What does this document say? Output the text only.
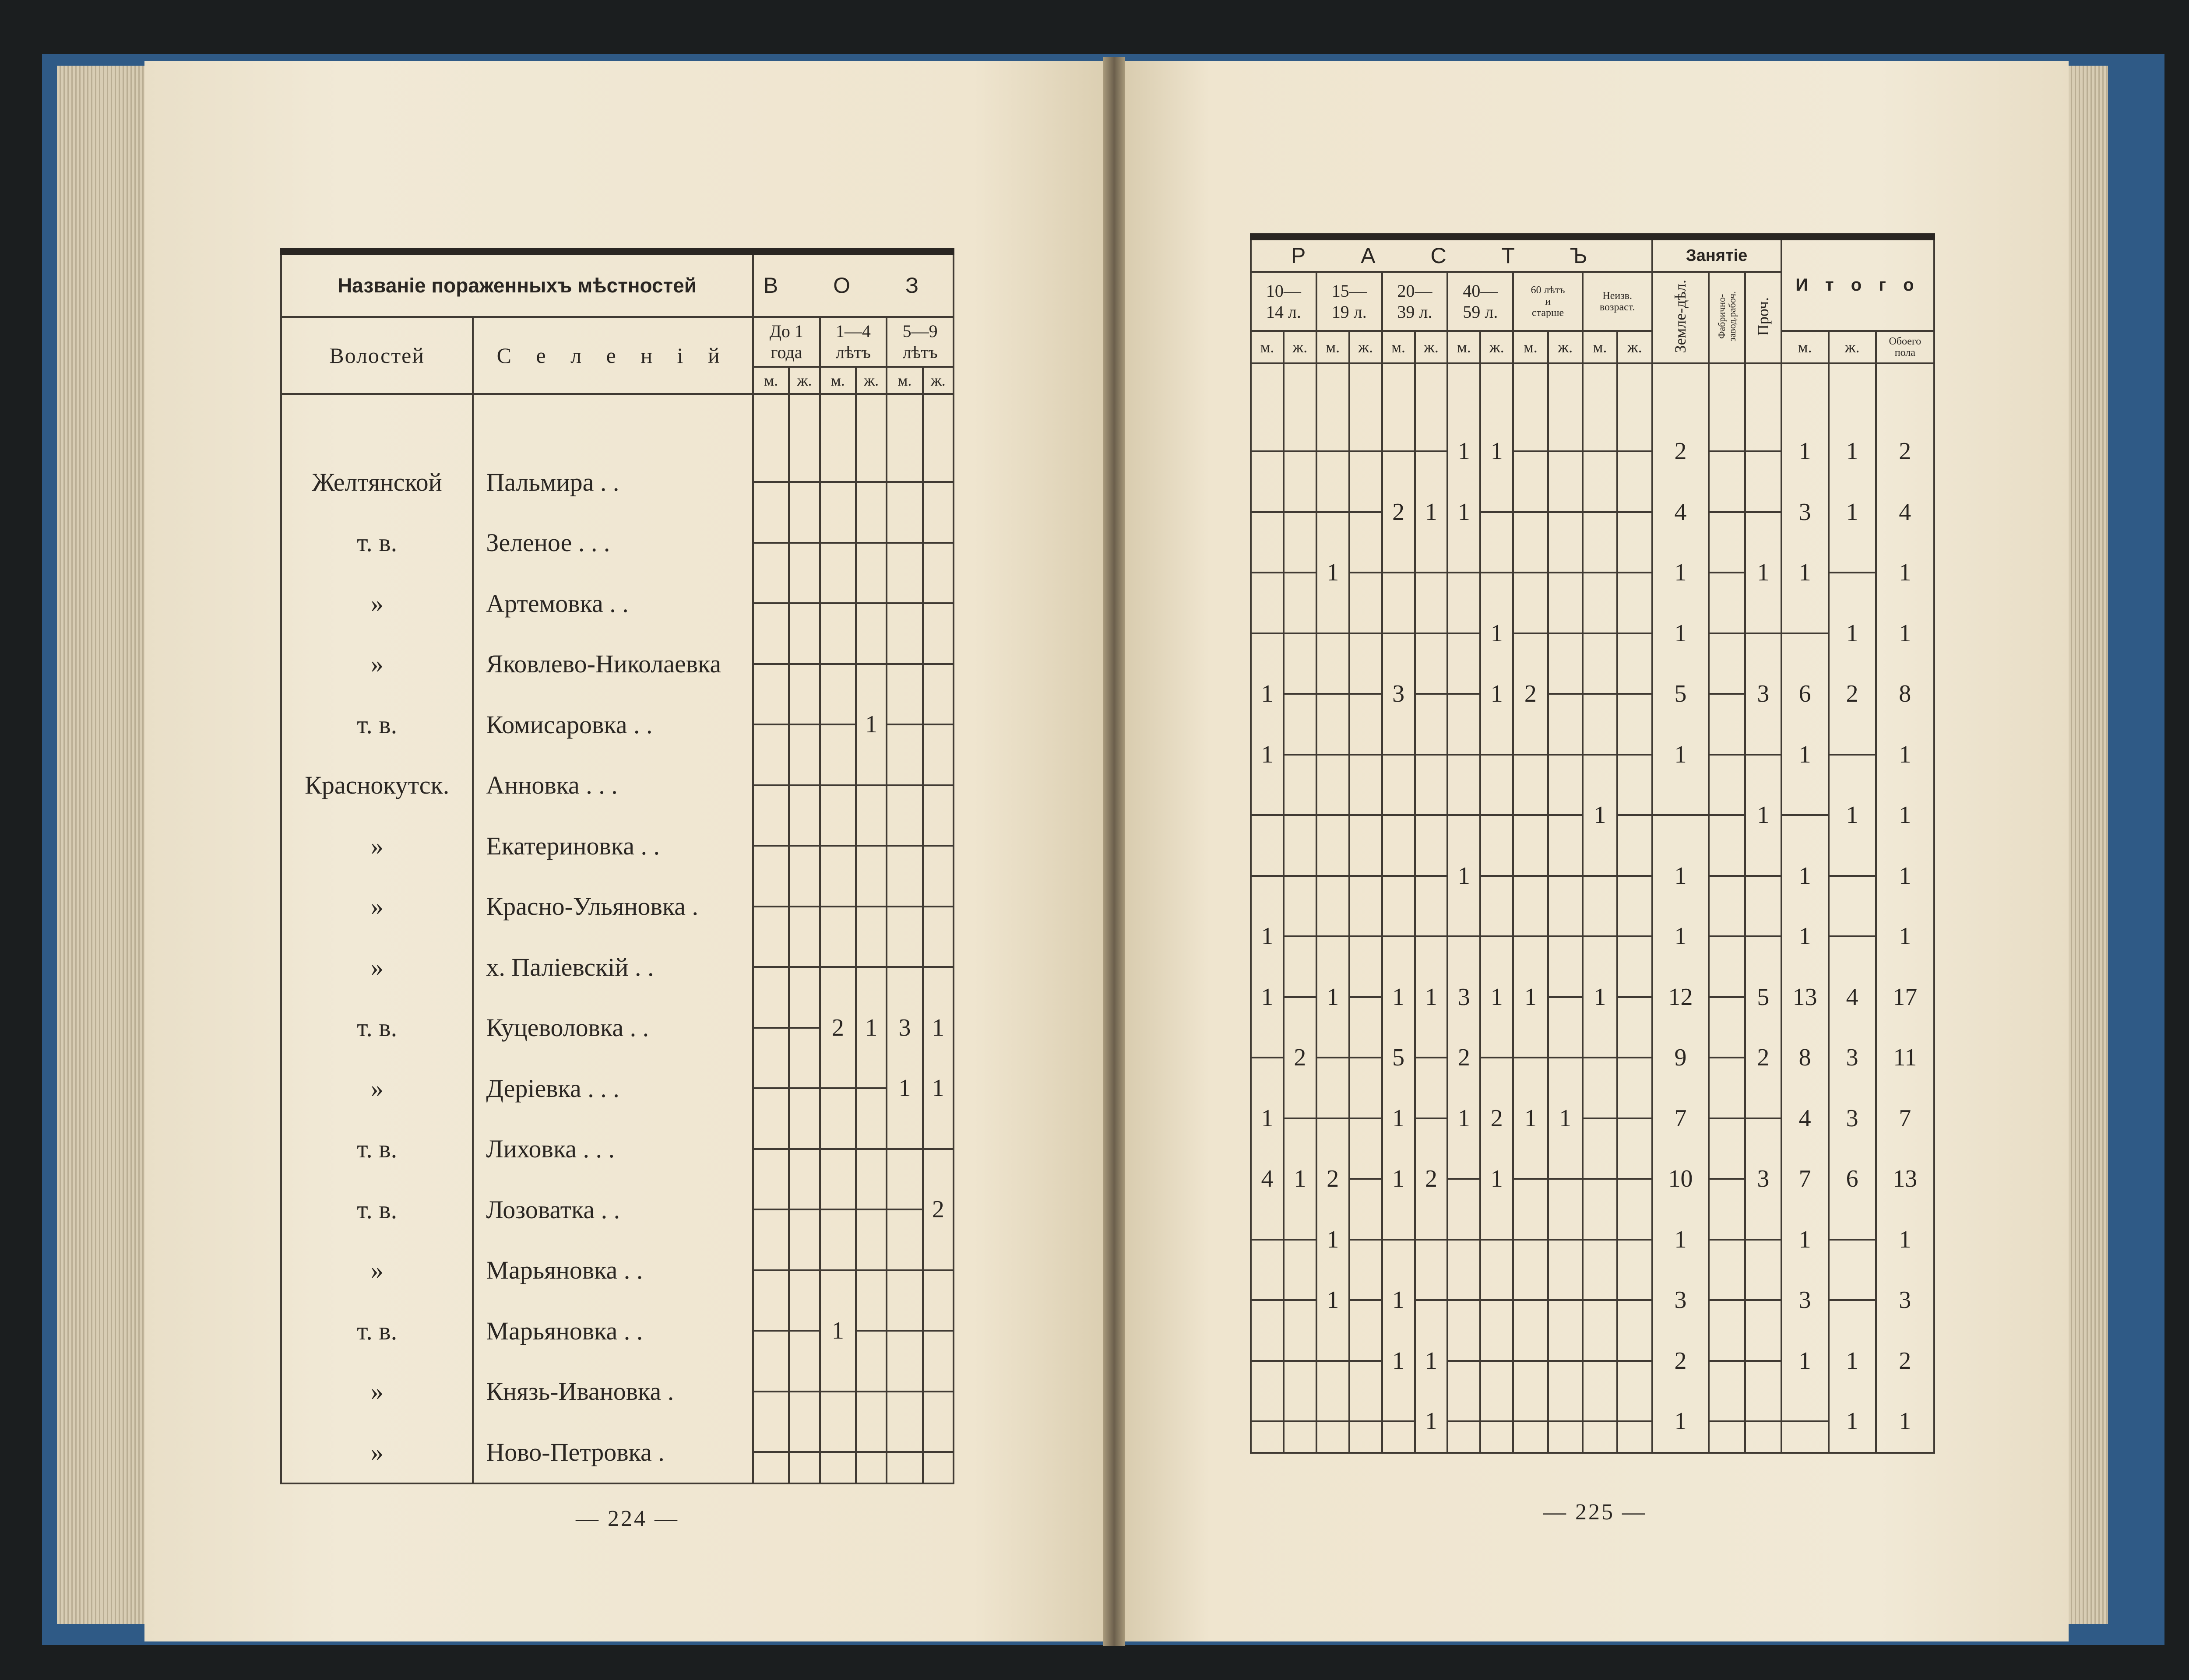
Названіе пораженныхъ мѣстностей		В О З					
Волостей	С е л е н і й	До 1
года		1—4
лѣтъ		5—9
лѣтъ	
		м.	ж.	м.	ж.	м.	ж.

Желтянской	Пальмира . .						
т. в.	Зеленое . . .						
»	Артемовка . .						
»	Яковлево-Николаевка						
т. в.	Комисаровка . .				1		
Краснокутск.	Анновка . . .						
»	Екатериновка . .						
»	Красно-Ульяновка .						
»	х. Паліевскій . .						
т. в.	Куцеволовка . .			2	1	3	1
»	Деріевка . . .					1	1
т. в.	Лиховка . . .						
т. в.	Лозоватка . .						2
»	Марьяновка . .						
т. в.	Марьяновка . .			1			
»	Князь-Ивановка .						
»	Ново-Петровка .						
Р А С Т Ъ												Занятіе			И т о г о		
10—
14 л.		15—
19 л.		20—
39 л.		40—
59 л.		60 лѣтъ
и
старше		Неизв.
возраст.		Земле-дѣл.	Фабрично-завод.рабоч.	Проч.			
м.	ж.	м.	ж.	м.	ж.	м.	ж.	м.	ж.	м.	ж.				м.	ж.	Обоего
пола

						1	1					2			1	1	2
				2	1	1						4			3	1	4
		1										1		1	1		1
							1					1				1	1
1				3			1	2				5		3	6	2	8
1												1			1		1
										1				1		1	1
						1						1			1		1
1												1			1		1
1		1		1	1	3	1	1		1		12		5	13	4	17
	2			5		2						9		2	8	3	11
1				1		1	2	1	1			7			4	3	7
4	1	2		1	2		1					10		3	7	6	13
		1										1			1		1
		1		1								3			3		3
				1	1							2			1	1	2
					1							1				1	1
— 224 —	— 225 —
